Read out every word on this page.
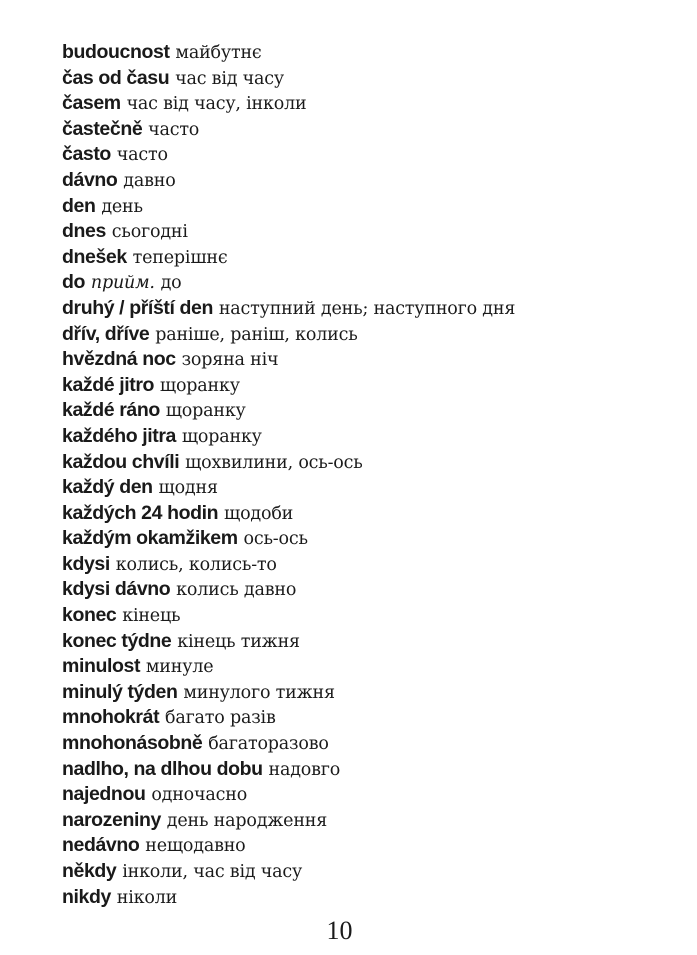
budoucnost майбутнє
čas od času час від часу
časem час від часу, інколи
častečně часто
často часто
dávno давно
den день
dnes сьогодні
dnešek теперішнє
do прийм. до
druhý / příští den наступний день; наступного дня
dřív, dříve раніше, раніш, колись
hvězdná noc зоряна ніч
každé jitro щоранку
každé ráno щоранку
každého jitra щоранку
každou chvíli щохвилини, ось-ось
každý den щодня
každých 24 hodin щодоби
každým okamžikem ось-ось
kdysi колись, колись-то
kdysi dávno колись давно
konec кінець
konec týdne кінець тижня
minulost минуле
minulý týden минулого тижня
mnohokrát багато разів
mnohonásobně багаторазово
nadlho, na dlhou dobu надовго
najednou одночасно
narozeniny день народження
nedávno нещодавно
někdy інколи, час від часу
nikdy ніколи
10
